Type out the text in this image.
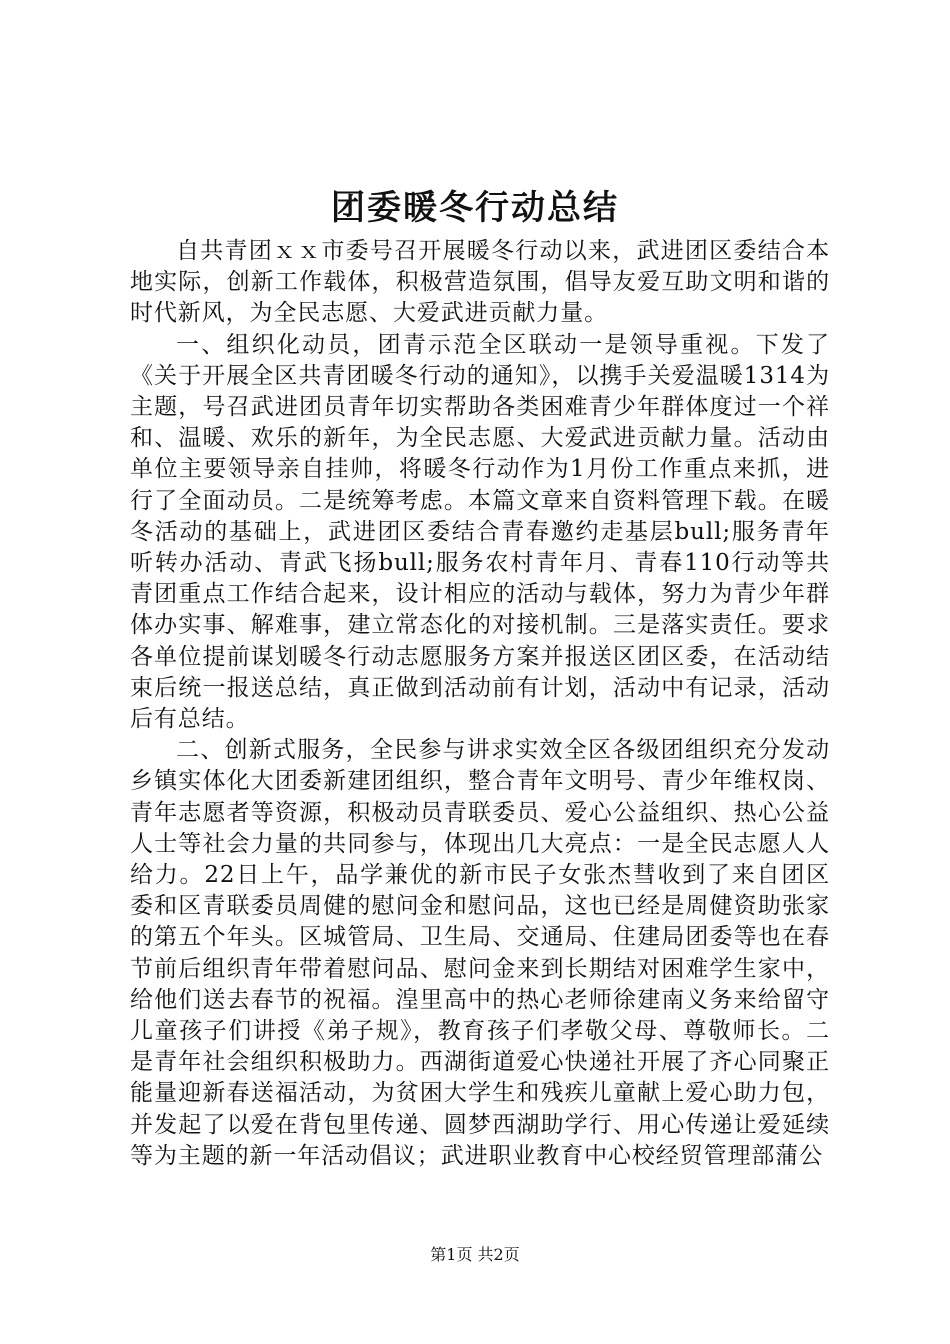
团委暖冬行动总结

自共青团ｘｘ市委号召开展暖冬行动以来，武进团区委结合本地实际，创新工作载体，积极营造氛围，倡导友爱互助文明和谐的时代新风，为全民志愿、大爱武进贡献力量。

一、组织化动员，团青示范全区联动一是领导重视。下发了《关于开展全区共青团暖冬行动的通知》，以携手关爱温暖1314为主题，号召武进团员青年切实帮助各类困难青少年群体度过一个祥和、温暖、欢乐的新年，为全民志愿、大爱武进贡献力量。活动由单位主要领导亲自挂帅，将暖冬行动作为1月份工作重点来抓，进行了全面动员。二是统筹考虑。本篇文章来自资料管理下载。在暖冬活动的基础上，武进团区委结合青春邀约走基层bull;服务青年听转办活动、青武飞扬bull;服务农村青年月、青春110行动等共青团重点工作结合起来，设计相应的活动与载体，努力为青少年群体办实事、解难事，建立常态化的对接机制。三是落实责任。要求各单位提前谋划暖冬行动志愿服务方案并报送区团区委，在活动结束后统一报送总结，真正做到活动前有计划，活动中有记录，活动后有总结。

二、创新式服务，全民参与讲求实效全区各级团组织充分发动乡镇实体化大团委新建团组织，整合青年文明号、青少年维权岗、青年志愿者等资源，积极动员青联委员、爱心公益组织、热心公益人士等社会力量的共同参与，体现出几大亮点：一是全民志愿人人给力。22日上午，品学兼优的新市民子女张杰彗收到了来自团区委和区青联委员周健的慰问金和慰问品，这也已经是周健资助张家的第五个年头。区城管局、卫生局、交通局、住建局团委等也在春节前后组织青年带着慰问品、慰问金来到长期结对困难学生家中，给他们送去春节的祝福。湟里高中的热心老师徐建南义务来给留守儿童孩子们讲授《弟子规》，教育孩子们孝敬父母、尊敬师长。二是青年社会组织积极助力。西湖街道爱心快递社开展了齐心同聚正能量迎新春送福活动，为贫困大学生和残疾儿童献上爱心助力包，并发起了以爱在背包里传递、圆梦西湖助学行、用心传递让爱延续等为主题的新一年活动倡议；武进职业教育中心校经贸管理部蒲公

第1页 共2页
